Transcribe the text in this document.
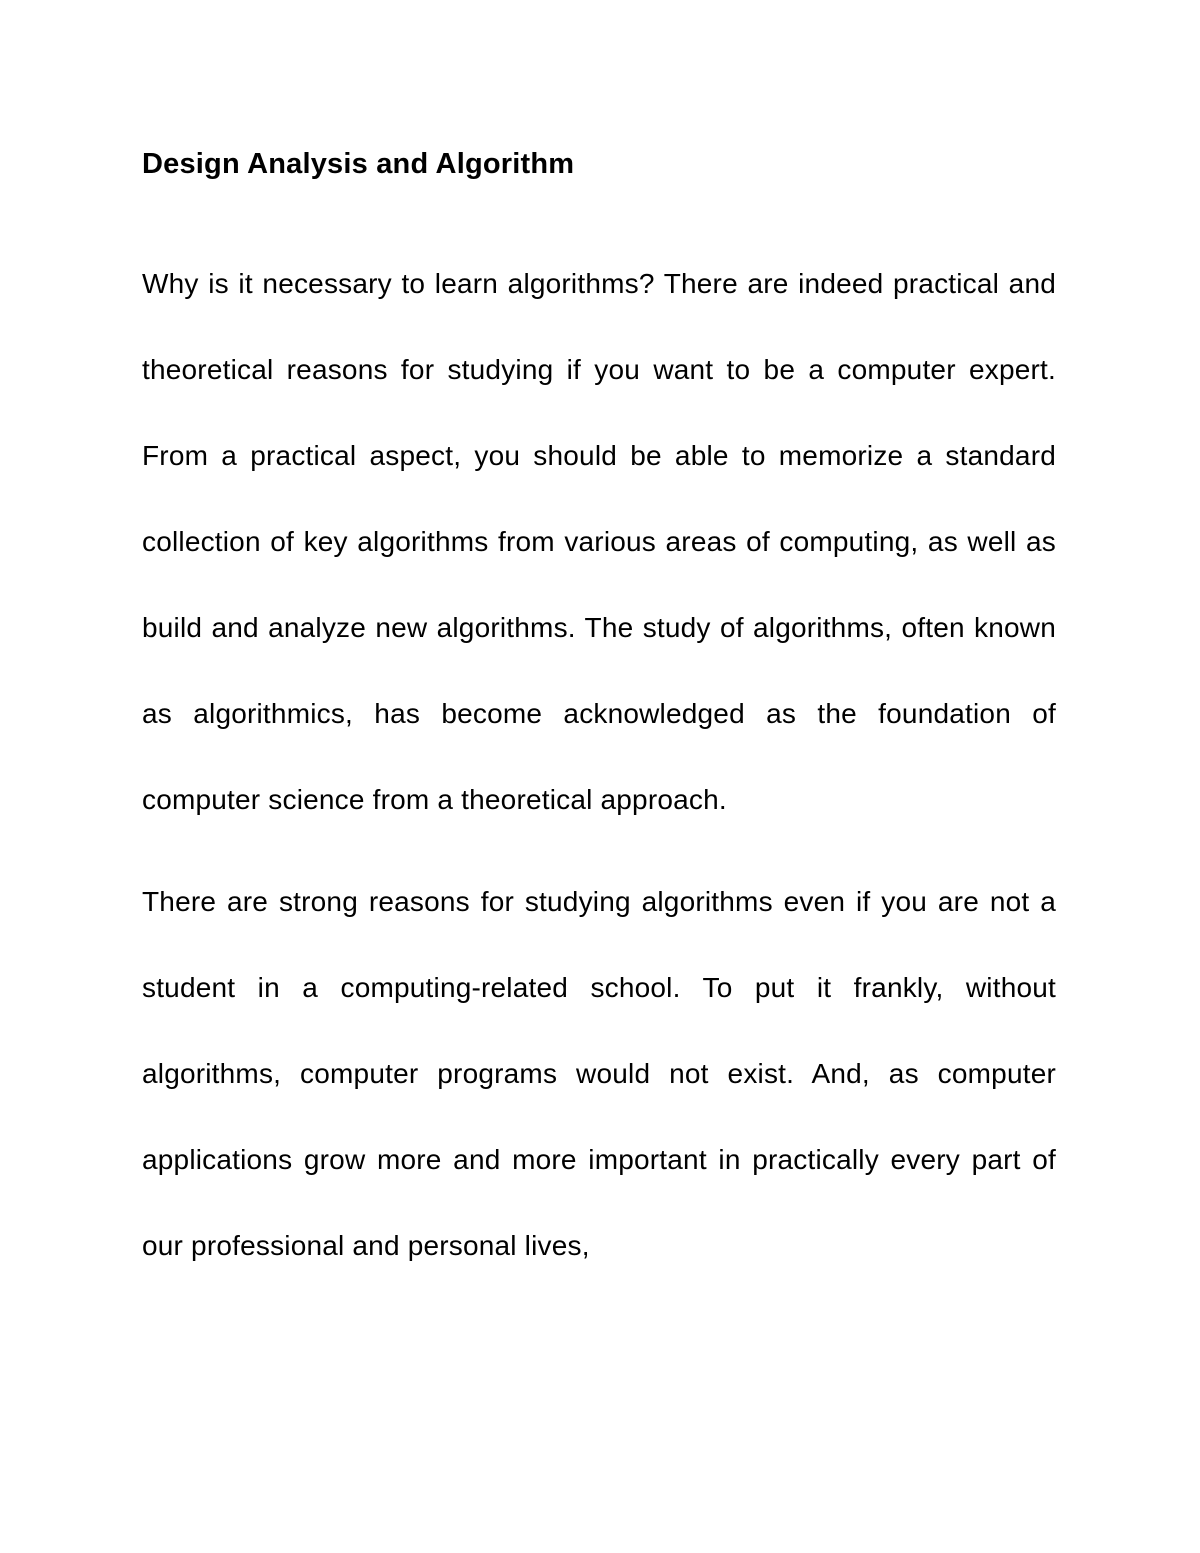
Design Analysis and Algorithm

Why is it necessary to learn algorithms? There are indeed practical and theoretical reasons for studying if you want to be a computer expert. From a practical aspect, you should be able to memorize a standard collection of key algorithms from various areas of computing, as well as build and analyze new algorithms. The study of algorithms, often known as algorithmics, has become acknowledged as the foundation of computer science from a theoretical approach.

There are strong reasons for studying algorithms even if you are not a student in a computing-related school. To put it frankly, without algorithms, computer programs would not exist. And, as computer applications grow more and more important in practically every part of our professional and personal lives,
